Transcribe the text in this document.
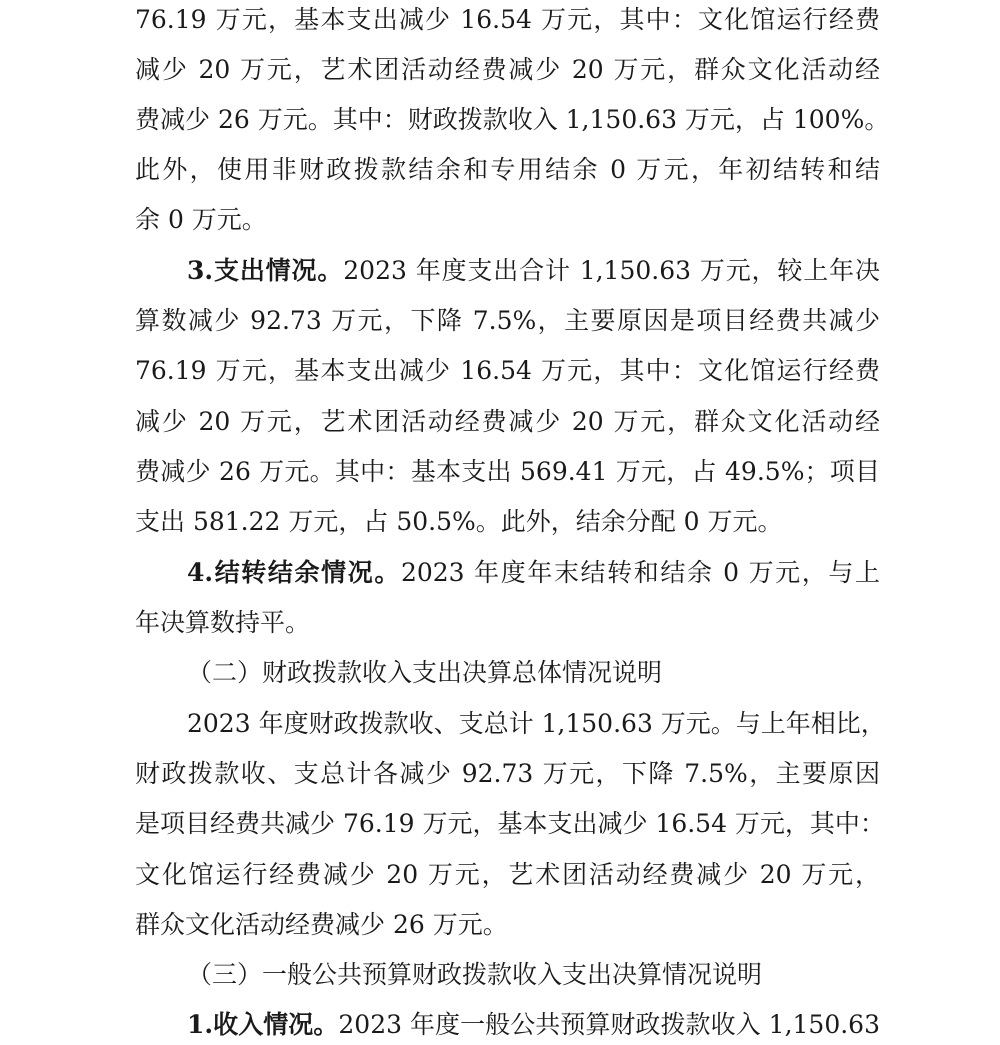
76.19 万元，基本支出减少 16.54 万元，其中：文化馆运行经费
减少 20 万元，艺术团活动经费减少 20 万元，群众文化活动经
费减少 26 万元。其中：财政拨款收入 1,150.63 万元，占 100%。
此外，使用非财政拨款结余和专用结余 0 万元，年初结转和结
余 0 万元。
3.支出情况。2023 年度支出合计 1,150.63 万元，较上年决
算数减少 92.73 万元，下降 7.5%，主要原因是项目经费共减少
76.19 万元，基本支出减少 16.54 万元，其中：文化馆运行经费
减少 20 万元，艺术团活动经费减少 20 万元，群众文化活动经
费减少 26 万元。其中：基本支出 569.41 万元，占 49.5%；项目
支出 581.22 万元，占 50.5%。此外，结余分配 0 万元。
4.结转结余情况。2023 年度年末结转和结余 0 万元，与上
年决算数持平。
（二）财政拨款收入支出决算总体情况说明
2023 年度财政拨款收、支总计 1,150.63 万元。与上年相比，
财政拨款收、支总计各减少 92.73 万元，下降 7.5%，主要原因
是项目经费共减少 76.19 万元，基本支出减少 16.54 万元，其中：
文化馆运行经费减少 20 万元，艺术团活动经费减少 20 万元，
群众文化活动经费减少 26 万元。
（三）一般公共预算财政拨款收入支出决算情况说明
1.收入情况。2023 年度一般公共预算财政拨款收入 1,150.63
